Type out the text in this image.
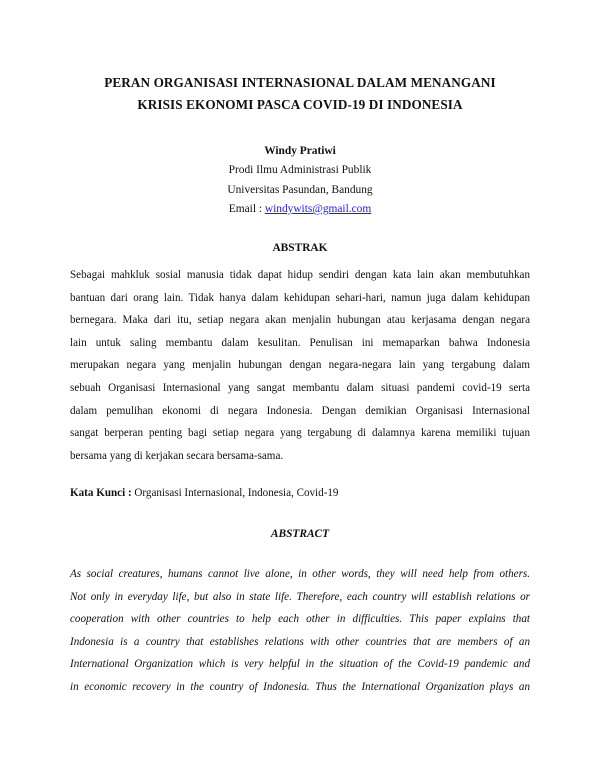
PERAN ORGANISASI INTERNASIONAL DALAM MENANGANI
KRISIS EKONOMI PASCA COVID-19 DI INDONESIA
Windy Pratiwi
Prodi Ilmu Administrasi Publik
Universitas Pasundan, Bandung
Email : windywits@gmail.com
ABSTRAK
Sebagai mahkluk sosial manusia tidak dapat hidup sendiri dengan kata lain akan membutuhkan
bantuan dari orang lain. Tidak hanya dalam kehidupan sehari-hari, namun juga dalam kehidupan
bernegara. Maka dari itu, setiap negara akan menjalin hubungan atau kerjasama dengan negara
lain untuk saling membantu dalam kesulitan. Penulisan ini memaparkan bahwa Indonesia
merupakan negara yang menjalin hubungan dengan negara-negara lain yang tergabung dalam
sebuah Organisasi Internasional yang sangat membantu dalam situasi pandemi covid-19 serta
dalam pemulihan ekonomi di negara Indonesia. Dengan demikian Organisasi Internasional
sangat berperan penting bagi setiap negara yang tergabung di dalamnya karena memiliki tujuan
bersama yang di kerjakan secara bersama-sama.
Kata Kunci : Organisasi Internasional, Indonesia, Covid-19
ABSTRACT
As social creatures, humans cannot live alone, in other words, they will need help from others.
Not only in everyday life, but also in state life. Therefore, each country will establish relations or
cooperation with other countries to help each other in difficulties. This paper explains that
Indonesia is a country that establishes relations with other countries that are members of an
International Organization which is very helpful in the situation of the Covid-19 pandemic and
in economic recovery in the country of Indonesia. Thus the International Organization plays an
